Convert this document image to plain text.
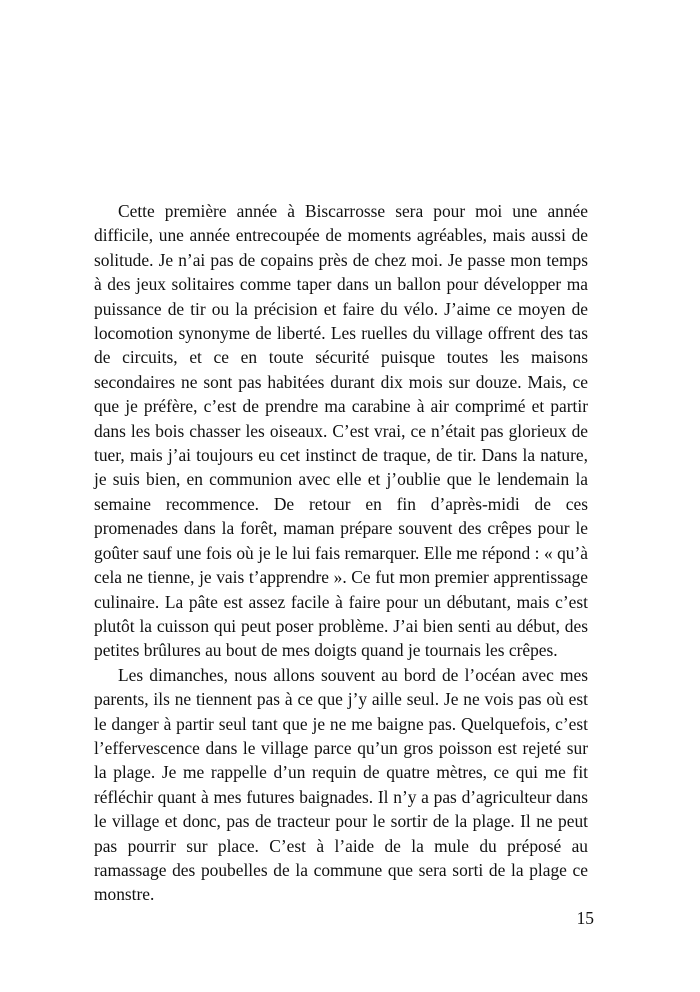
Cette première année à Biscarrosse sera pour moi une année
difficile, une année entrecoupée de moments agréables, mais aussi de
solitude. Je n’ai pas de copains près de chez moi. Je passe mon temps
à des jeux solitaires comme taper dans un ballon pour développer ma
puissance de tir ou la précision et faire du vélo. J’aime ce moyen de
locomotion synonyme de liberté. Les ruelles du village offrent des tas
de circuits, et ce en toute sécurité puisque toutes les maisons
secondaires ne sont pas habitées durant dix mois sur douze. Mais, ce
que je préfère, c’est de prendre ma carabine à air comprimé et partir
dans les bois chasser les oiseaux. C’est vrai, ce n’était pas glorieux de
tuer, mais j’ai toujours eu cet instinct de traque, de tir. Dans la nature,
je suis bien, en communion avec elle et j’oublie que le lendemain la
semaine recommence. De retour en fin d’après-midi de ces
promenades dans la forêt, maman prépare souvent des crêpes pour le
goûter sauf une fois où je le lui fais remarquer. Elle me répond : « qu’à
cela ne tienne, je vais t’apprendre ». Ce fut mon premier apprentissage
culinaire. La pâte est assez facile à faire pour un débutant, mais c’est
plutôt la cuisson qui peut poser problème. J’ai bien senti au début, des
petites brûlures au bout de mes doigts quand je tournais les crêpes.
Les dimanches, nous allons souvent au bord de l’océan avec mes
parents, ils ne tiennent pas à ce que j’y aille seul. Je ne vois pas où est
le danger à partir seul tant que je ne me baigne pas. Quelquefois, c’est
l’effervescence dans le village parce qu’un gros poisson est rejeté sur
la plage. Je me rappelle d’un requin de quatre mètres, ce qui me fit
réfléchir quant à mes futures baignades. Il n’y a pas d’agriculteur dans
le village et donc, pas de tracteur pour le sortir de la plage. Il ne peut
pas pourrir sur place. C’est à l’aide de la mule du préposé au
ramassage des poubelles de la commune que sera sorti de la plage ce
monstre.
15
